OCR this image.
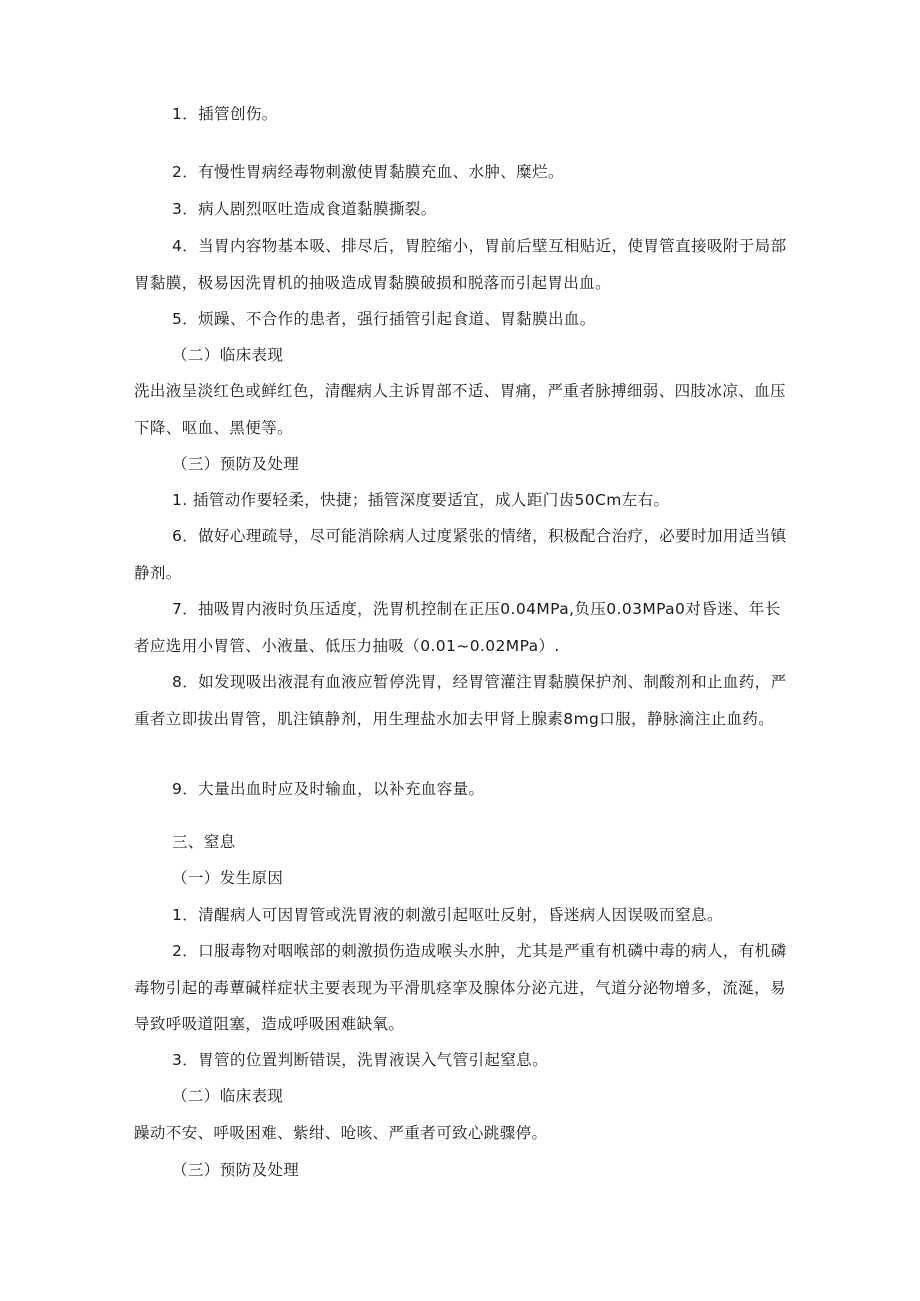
1．插管创伤。

2．有慢性胃病经毒物刺激使胃黏膜充血、水肿、糜烂。

3．病人剧烈呕吐造成食道黏膜撕裂。

4．当胃内容物基本吸、排尽后，胃腔缩小，胃前后壁互相贴近，使胃管直接吸附于局部胃黏膜，极易因洗胃机的抽吸造成胃黏膜破损和脱落而引起胃出血。

5．烦躁、不合作的患者，强行插管引起食道、胃黏膜出血。

（二）临床表现

洗出液呈淡红色或鲜红色，清醒病人主诉胃部不适、胃痛，严重者脉搏细弱、四肢冰凉、血压下降、呕血、黑便等。

（三）预防及处理

1. 插管动作要轻柔，快捷；插管深度要适宜，成人距门齿50Cm左右。

6．做好心理疏导，尽可能消除病人过度紧张的情绪，积极配合治疗，必要时加用适当镇静剂。

7．抽吸胃内液时负压适度，洗胃机控制在正压0.04MPa,负压0.03MPa0对昏迷、年长者应选用小胃管、小液量、低压力抽吸（0.01~0.02MPa）.

8．如发现吸出液混有血液应暂停洗胃，经胃管灌注胃黏膜保护剂、制酸剂和止血药，严重者立即拔出胃管，肌注镇静剂，用生理盐水加去甲肾上腺素8mg口服，静脉滴注止血药。

9．大量出血时应及时输血，以补充血容量。

三、窒息

（一）发生原因

1．清醒病人可因胃管或洗胃液的刺激引起呕吐反射，昏迷病人因误吸而窒息。

2．口服毒物对咽喉部的刺激损伤造成喉头水肿，尤其是严重有机磷中毒的病人，有机磷毒物引起的毒蕈碱样症状主要表现为平滑肌痉挛及腺体分泌亢进，气道分泌物增多，流涎，易导致呼吸道阻塞，造成呼吸困难缺氧。

3．胃管的位置判断错误，洗胃液误入气管引起窒息。

（二）临床表现

躁动不安、呼吸困难、紫绀、呛咳、严重者可致心跳骤停。

（三）预防及处理
